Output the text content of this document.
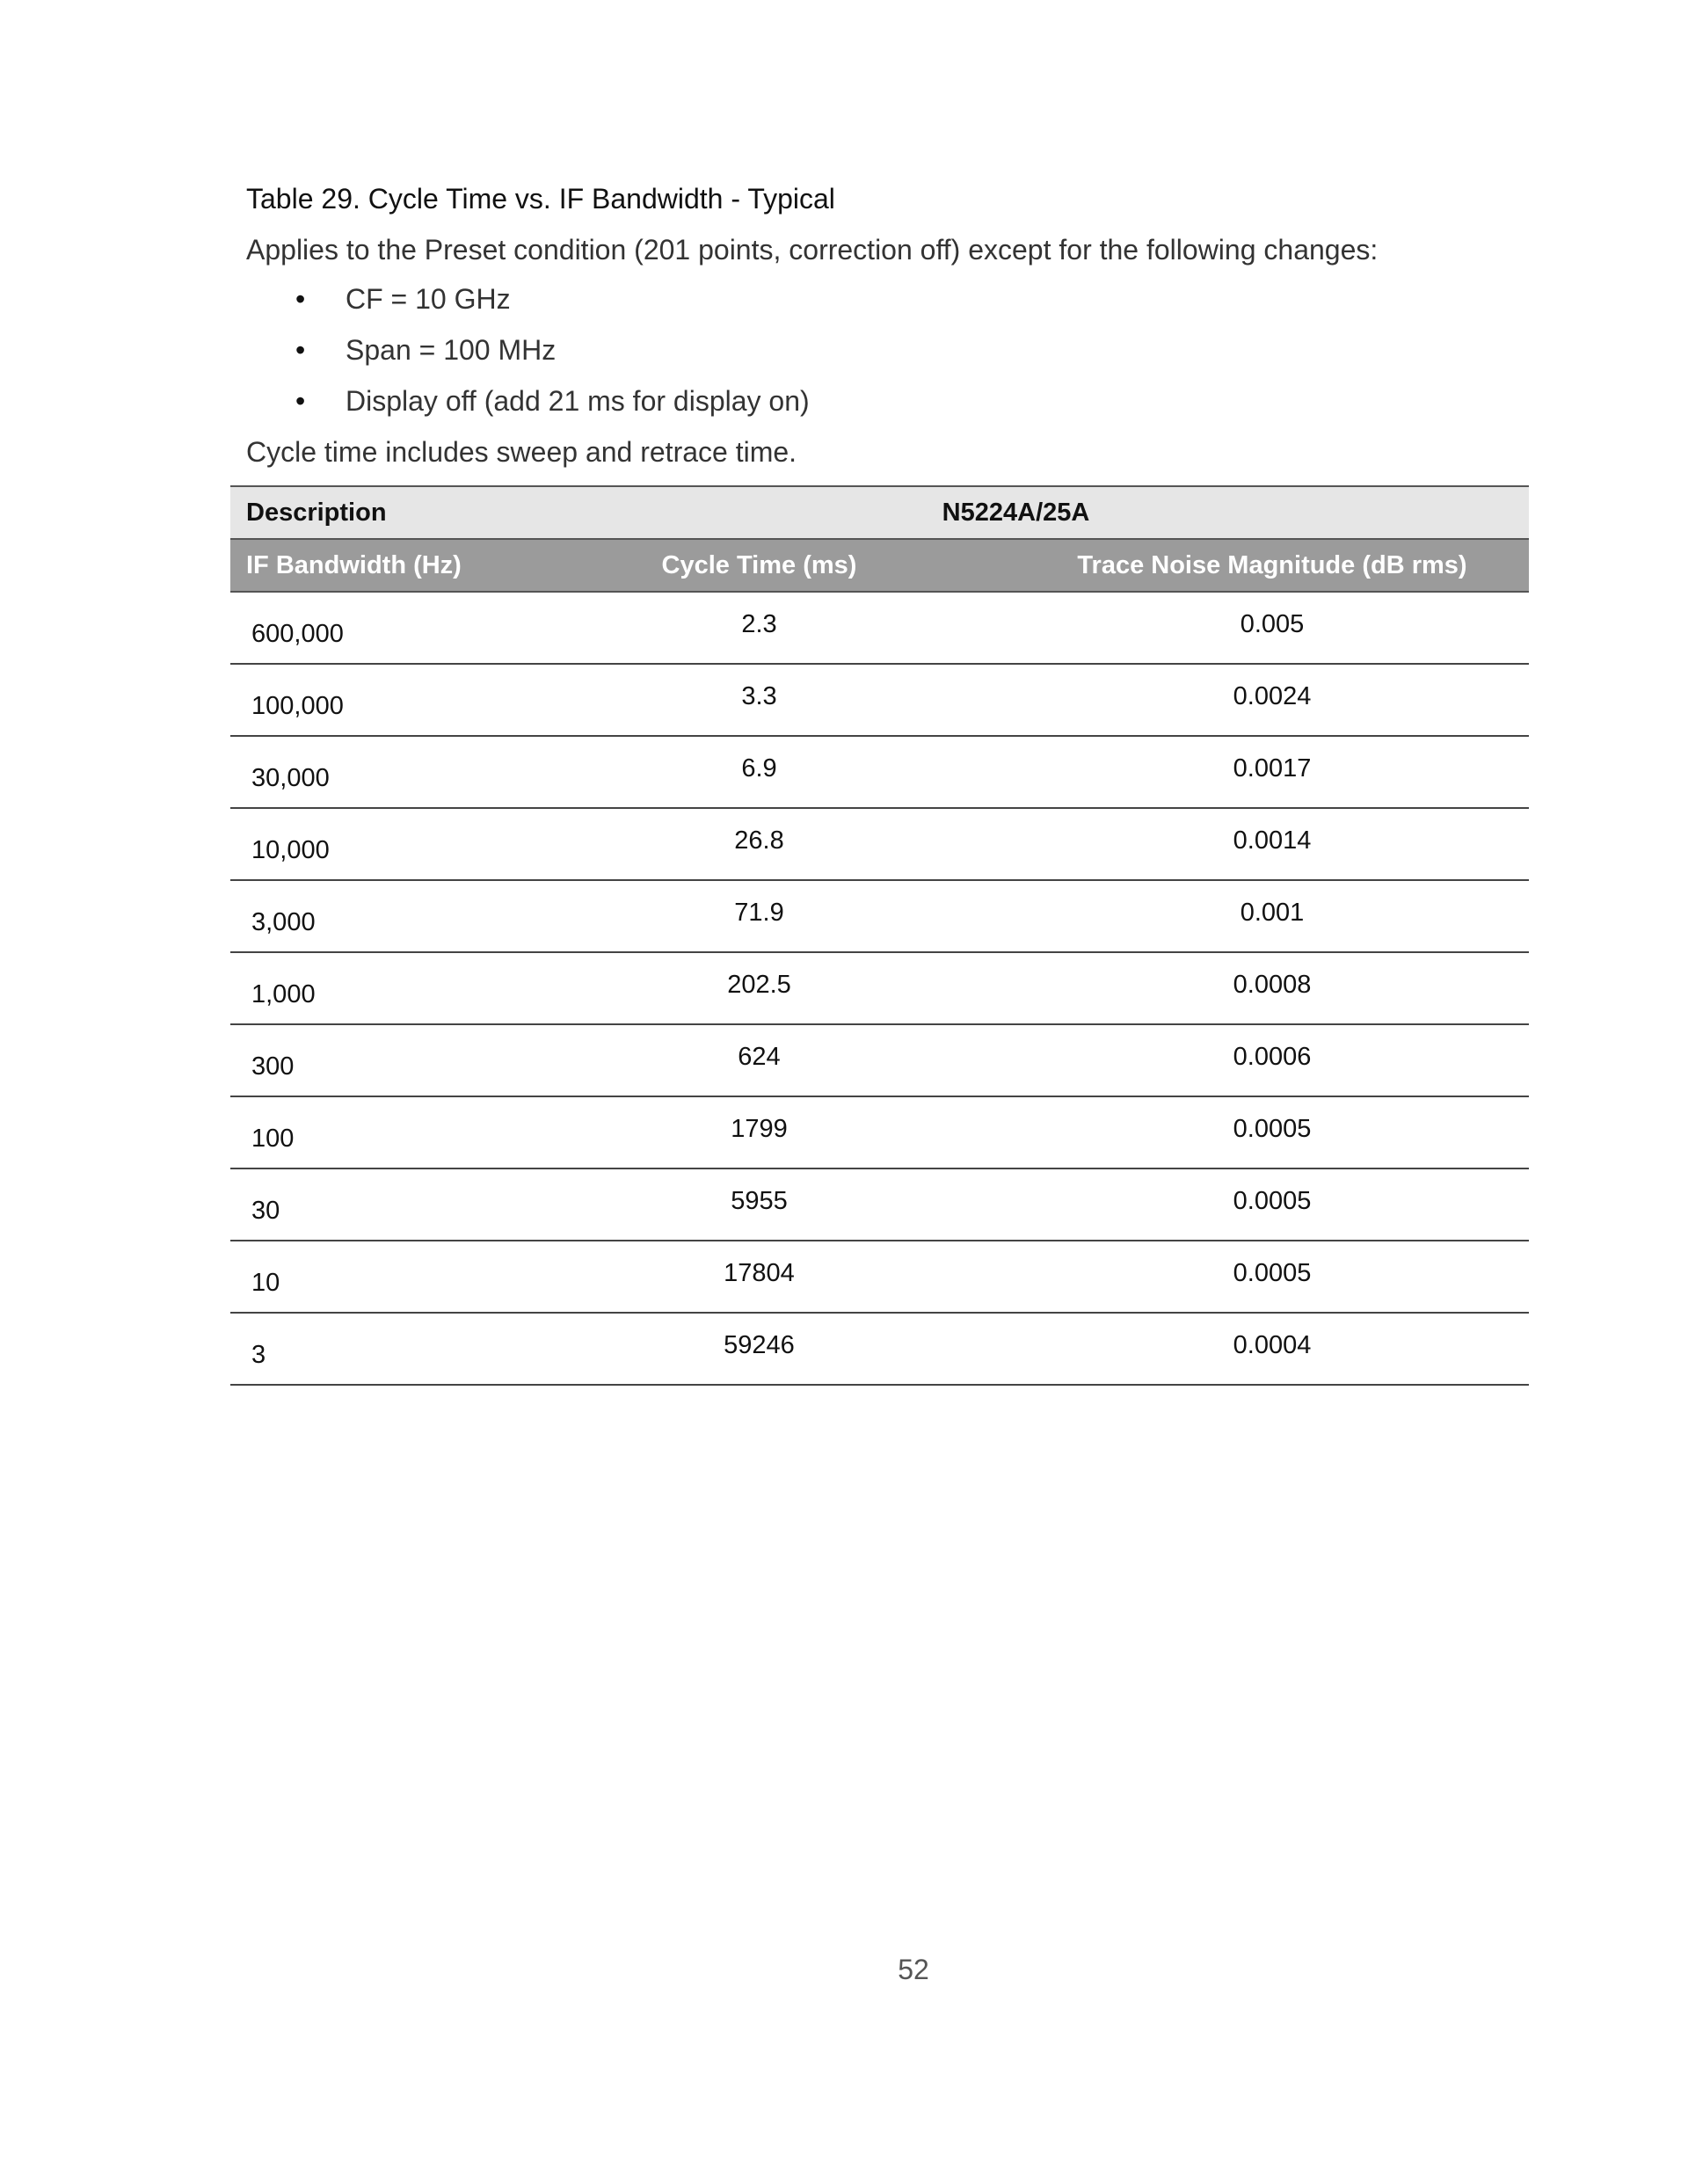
Table 29. Cycle Time vs. IF Bandwidth - Typical
Applies to the Preset condition (201 points, correction off) except for the following changes:
• CF = 10 GHz
• Span = 100 MHz
• Display off (add 21 ms for display on)
Cycle time includes sweep and retrace time.
Description	N5224A/25A	
IF Bandwidth (Hz)	Cycle Time (ms)	Trace Noise Magnitude (dB rms)
600,000	2.3	0.005
100,000	3.3	0.0024
30,000	6.9	0.0017
10,000	26.8	0.0014
3,000	71.9	0.001
1,000	202.5	0.0008
300	624	0.0006
100	1799	0.0005
30	5955	0.0005
10	17804	0.0005
3	59246	0.0004
52
